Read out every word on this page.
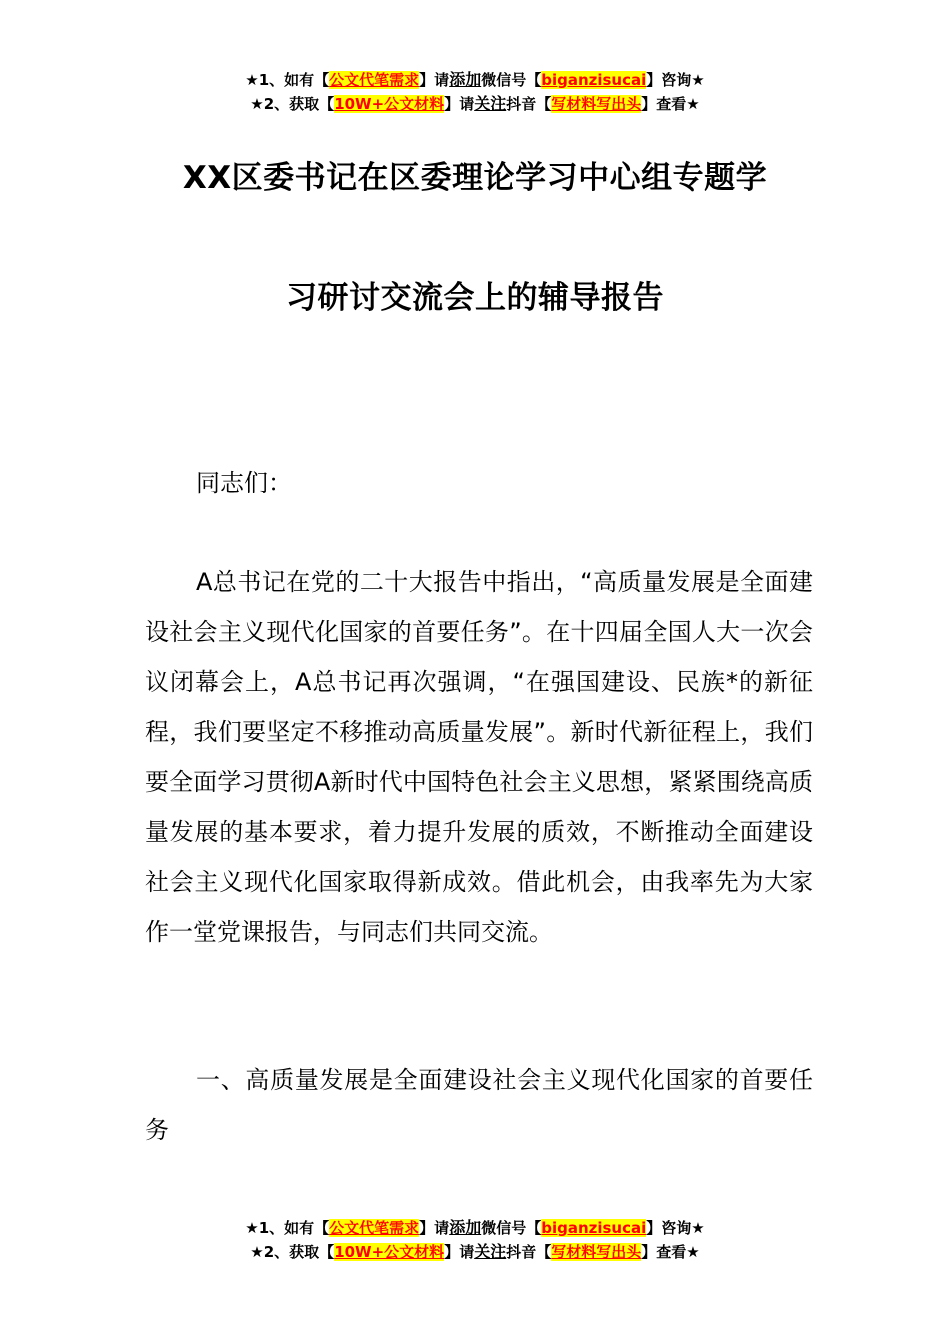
★1、如有【公文代笔需求】请添加微信号【biganzisucai】咨询★
★2、获取【10W+公文材料】请关注抖音【写材料写出头】查看★
XX区委书记在区委理论学习中心组专题学
习研讨交流会上的辅导报告
同志们：
A总书记在党的二十大报告中指出，“高质量发展是全面建设社会主义现代化国家的首要任务”。在十四届全国人大一次会议闭幕会上，A总书记再次强调，“在强国建设、民族*的新征程，我们要坚定不移推动高质量发展”。新时代新征程上，我们要全面学习贯彻A新时代中国特色社会主义思想，紧紧围绕高质量发展的基本要求，着力提升发展的质效，不断推动全面建设社会主义现代化国家取得新成效。借此机会，由我率先为大家作一堂党课报告，与同志们共同交流。
一、高质量发展是全面建设社会主义现代化国家的首要任务
★1、如有【公文代笔需求】请添加微信号【biganzisucai】咨询★
★2、获取【10W+公文材料】请关注抖音【写材料写出头】查看★
